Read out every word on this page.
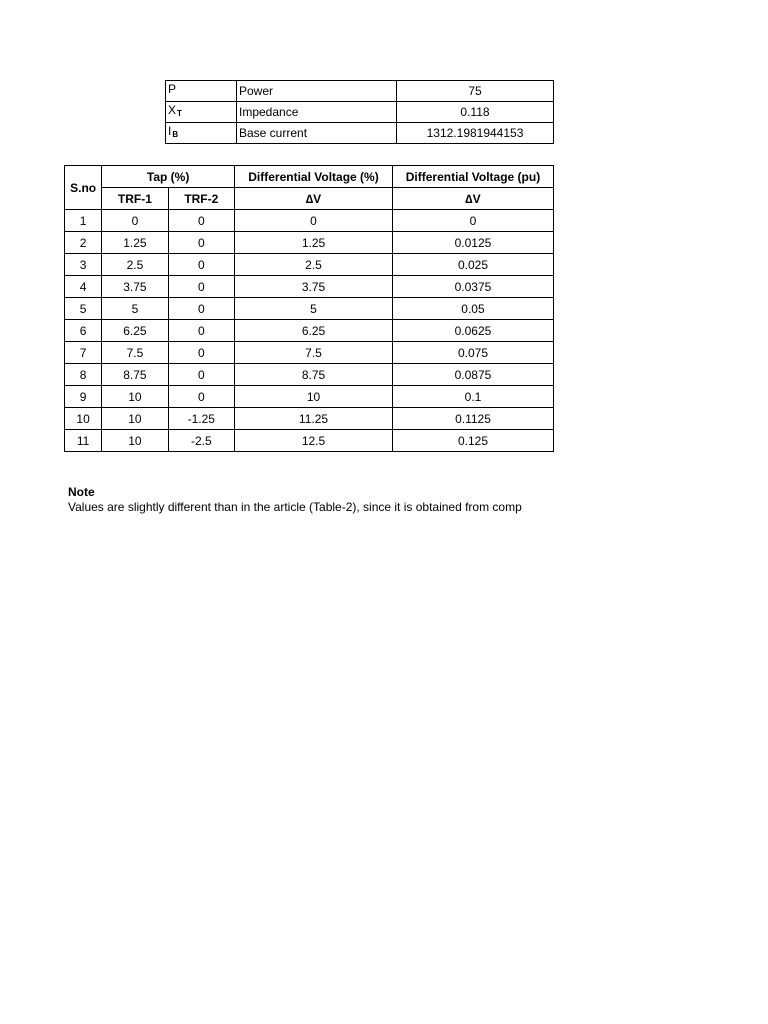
P	Power	75
XT	Impedance	0.118
IB	Base current	1312.1981944153
S.no	Tap (%)		Differential Voltage (%)	Differential Voltage (pu)
	TRF-1	TRF-2	∆V	∆V
1	0	0	0	0
2	1.25	0	1.25	0.0125
3	2.5	0	2.5	0.025
4	3.75	0	3.75	0.0375
5	5	0	5	0.05
6	6.25	0	6.25	0.0625
7	7.5	0	7.5	0.075
8	8.75	0	8.75	0.0875
9	10	0	10	0.1
10	10	-1.25	11.25	0.1125
11	10	-2.5	12.5	0.125
Note
Values are slightly different than in the article (Table-2), since it is obtained from comp
